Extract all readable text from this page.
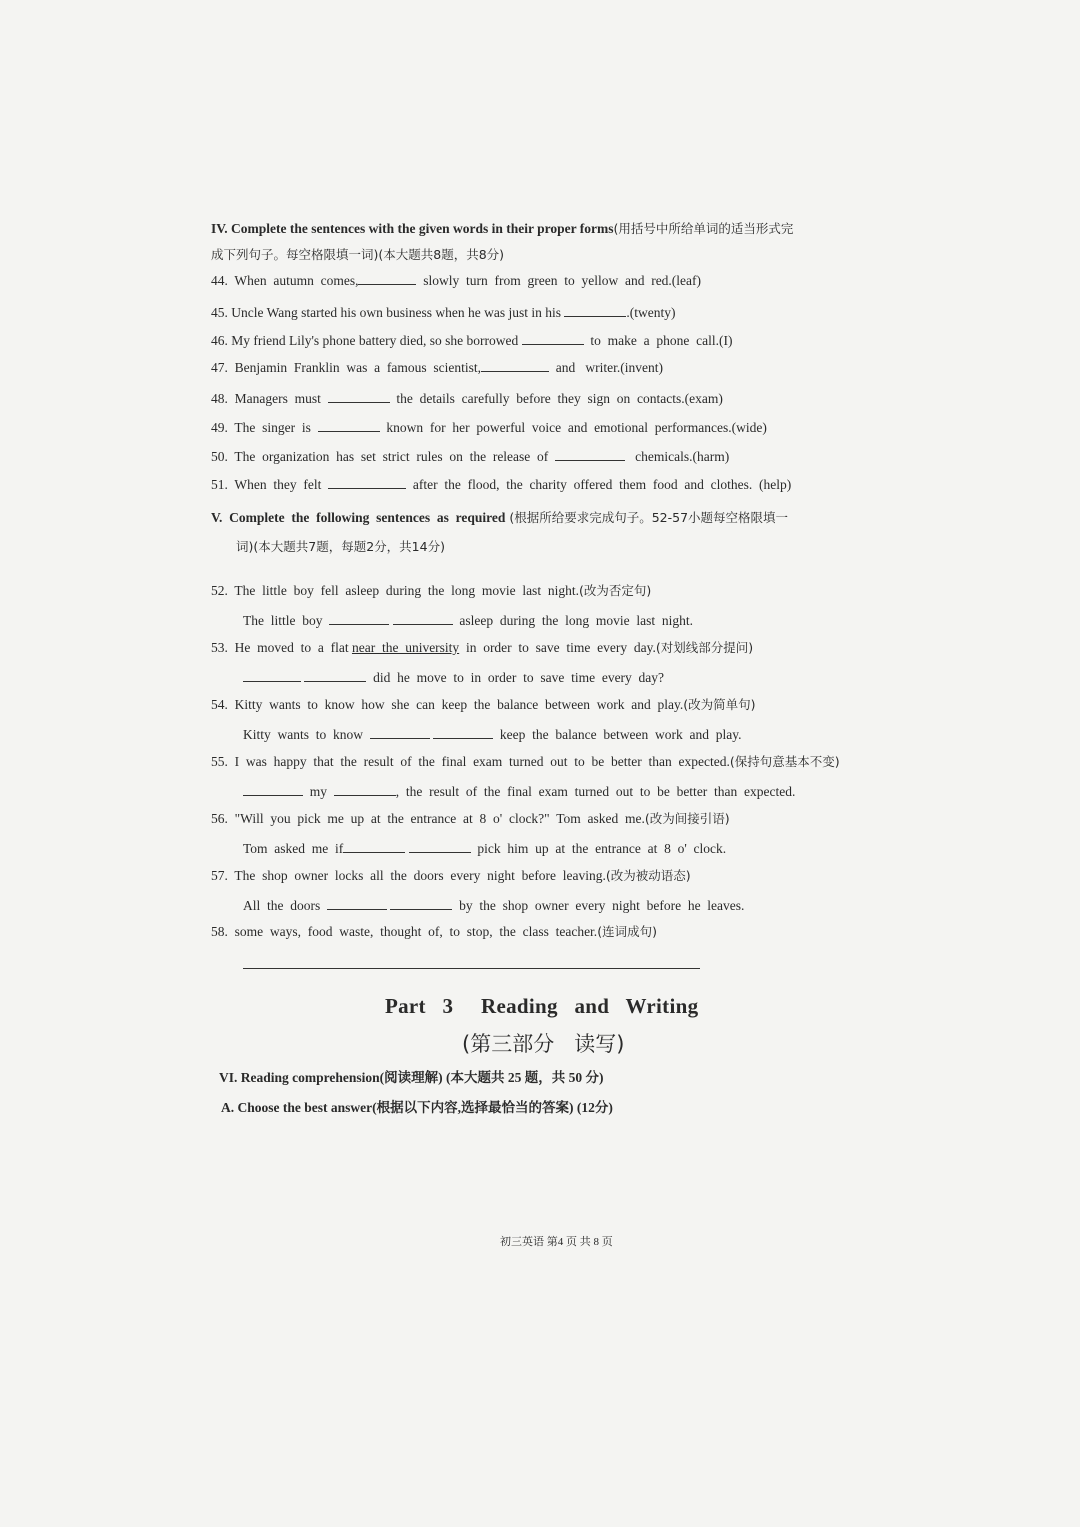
IV. Complete the sentences with the given words in their proper forms(用括号中所给单词的适当形式完
成下列句子。每空格限填一词)(本大题共8题，共8分)
44.  When  autumn  comes,	slowly  turn  from  green  to  yellow  and  red.(leaf)
45. Uncle Wang started his own business when he was just in his	.(twenty)
46. My friend Lily's phone battery died, so she borrowed	to  make  a  phone  call.(I)
47.  Benjamin  Franklin  was  a  famous  scientist,	and   writer.(invent)
48.  Managers  must	the  details  carefully  before  they  sign  on  contacts.(exam)
49.  The  singer  is	known  for  her  powerful  voice  and  emotional  performances.(wide)
50.  The  organization  has  set  strict  rules  on  the  release  of	chemicals.(harm)
51.  When  they  felt	after  the  flood,  the  charity  offered  them  food  and  clothes.  (help)
V.  Complete  the  following  sentences  as  required (根据所给要求完成句子。52-57小题每空格限填一
词)(本大题共7题，每题2分，共14分)
52.  The  little  boy  fell  asleep  during  the  long  movie  last  night.(改为否定句)
The  little  boy	asleep  during  the  long  movie  last  night.
53.  He  moved  to  a  flat near  the  university  in  order  to  save  time  every  day.(对划线部分提问)
did  he  move  to  in  order  to  save  time  every  day?
54.  Kitty  wants  to  know  how  she  can  keep  the  balance  between  work  and  play.(改为简单句)
Kitty  wants  to  know	keep  the  balance  between  work  and  play.
55.  I  was  happy  that  the  result  of  the  final  exam  turned  out  to  be  better  than  expected.(保持句意基本不变)
my	,  the  result  of  the  final  exam  turned  out  to  be  better  than  expected.
56.  "Will  you  pick  me  up  at  the  entrance  at  8  o'  clock?"  Tom  asked  me.(改为间接引语)
Tom  asked  me  if	pick  him  up  at  the  entrance  at  8  o'  clock.
57.  The  shop  owner  locks  all  the  doors  every  night  before  leaving.(改为被动语态)
All  the  doors	by  the  shop  owner  every  night  before  he  leaves.
58.  some  ways,  food  waste,  thought  of,  to  stop,  the  class  teacher.(连词成句)
Part   3     Reading   and   Writing
(第三部分   读写)
VI. Reading comprehension(阅读理解) (本大题共 25 题，共 50 分)
A. Choose the best answer(根据以下内容,选择最恰当的答案) (12分)
初三英语 第4 页 共 8 页
